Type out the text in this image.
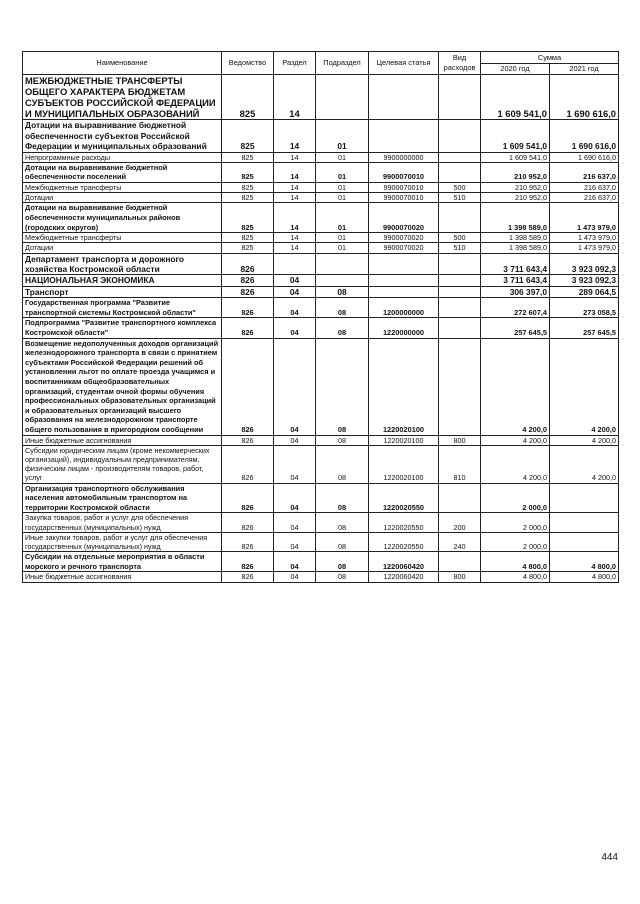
Наименование	Ведомство	Раздел	Подраздел	Целевая статья	Вид расходов	Сумма	
						2020 год	2021 год
МЕЖБЮДЖЕТНЫЕ ТРАНСФЕРТЫ ОБЩЕГО ХАРАКТЕРА БЮДЖЕТАМ СУБЪЕКТОВ РОССИЙСКОЙ ФЕДЕРАЦИИ И МУНИЦИПАЛЬНЫХ ОБРАЗОВАНИЙ	825	14				1 609 541,0	1 690 616,0
Дотации на выравнивание бюджетной обеспеченности субъектов Российской Федерации и муниципальных образований	825	14	01			1 609 541,0	1 690 616,0
Непрограммные расходы	825	14	01	9900000000		1 609 541,0	1 690 616,0
Дотации на выравнивание бюджетной обеспеченности поселений	825	14	01	9900070010		210 952,0	216 637,0
Межбюджетные трансферты	825	14	01	9900070010	500	210 952,0	216 637,0
Дотации	825	14	01	9900070010	510	210 952,0	216 637,0
Дотации на выравнивание бюджетной обеспеченности муниципальных районов (городских округов)	825	14	01	9900070020		1 398 589,0	1 473 979,0
Межбюджетные трансферты	825	14	01	9900070020	500	1 398 589,0	1 473 979,0
Дотации	825	14	01	9900070020	510	1 398 589,0	1 473 979,0
Департамент транспорта и дорожного хозяйства Костромской области	826					3 711 643,4	3 923 092,3
НАЦИОНАЛЬНАЯ ЭКОНОМИКА	826	04				3 711 643,4	3 923 092,3
Транспорт	826	04	08			306 397,0	289 064,5
Государственная программа "Развитие транспортной системы Костромской области"	826	04	08	1200000000		272 607,4	273 058,5
Подпрограмма "Развитие транспортного комплекса Костромской области"	826	04	08	1220000000		257 645,5	257 645,5
Возмещение недополученных доходов организаций железнодорожного транспорта в связи с принятием субъектами Российской Федерации решений об установлении льгот по оплате проезда учащимся и воспитанникам общеобразовательных организаций, студентам очной формы обучения профессиональных образовательных организаций и образовательных организаций высшего образования на железнодорожном транспорте общего пользования в пригородном сообщении	826	04	08	1220020100		4 200,0	4 200,0
Иные бюджетные ассигнования	826	04	08	1220020100	800	4 200,0	4 200,0
Субсидии юридическим лицам (кроме некоммерческих организаций), индивидуальным предпринимателям, физическим лицам - производителям товаров, работ, услуг	826	04	08	1220020100	810	4 200,0	4 200,0
Организация транспортного обслуживания населения автомобильным транспортом на территории Костромской области	826	04	08	1220020550		2 000,0	
Закупка товаров, работ и услуг для обеспечения государственных (муниципальных) нужд	826	04	08	1220020550	200	2 000,0	
Иные закупки товаров, работ и услуг для обеспечения государственных (муниципальных) нужд	826	04	08	1220020550	240	2 000,0	
Субсидии на отдельные мероприятия в области морского и речного транспорта	826	04	08	1220060420		4 800,0	4 800,0
Иные бюджетные ассигнования	826	04	08	1220060420	800	4 800,0	4 800,0
444
